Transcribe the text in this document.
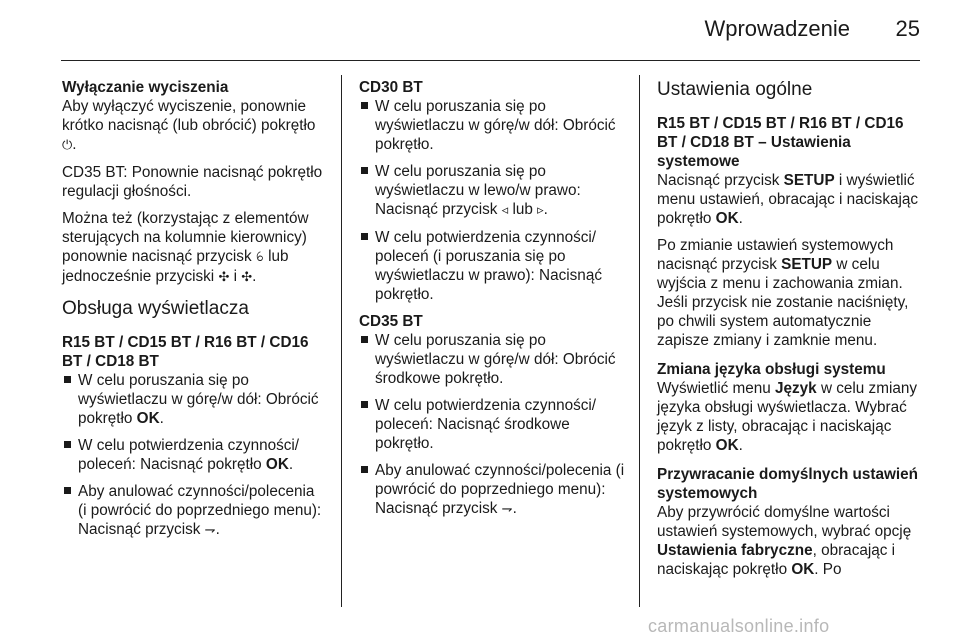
Wprowadzenie	25

Wyłączanie wyciszenia

Aby wyłączyć wyciszenie, ponownie krótko nacisnąć (lub obrócić) pokrętło ⏻.

CD35 BT: Ponownie nacisnąć pokrętło regulacji głośności.

Można też (korzystając z elementów sterujących na kolumnie kierownicy) ponownie nacisnąć przycisk ꕃ lub jednocześnie przyciski ✣ i ✣.

Obsługa wyświetlacza

R15 BT / CD15 BT / R16 BT / CD16 BT / CD18 BT

W celu poruszania się po wyświetlaczu w górę/w dół: Obrócić pokrętło OK.
W celu potwierdzenia czynności/ poleceń: Nacisnąć pokrętło OK.
Aby anulować czynności/polecenia (i powrócić do poprzedniego menu): Nacisnąć przycisk ⇁.

CD30 BT

W celu poruszania się po wyświetlaczu w górę/w dół: Obrócić pokrętło.
W celu poruszania się po wyświetlaczu w lewo/w prawo: Nacisnąć przycisk ◃ lub ▹.
W celu potwierdzenia czynności/ poleceń (i poruszania się po wyświetlaczu w prawo): Nacisnąć pokrętło.

CD35 BT

W celu poruszania się po wyświetlaczu w górę/w dół: Obrócić środkowe pokrętło.
W celu potwierdzenia czynności/ poleceń: Nacisnąć środkowe pokrętło.
Aby anulować czynności/polecenia (i powrócić do poprzedniego menu): Nacisnąć przycisk ⇁.

Ustawienia ogólne

R15 BT / CD15 BT / R16 BT / CD16 BT / CD18 BT – Ustawienia systemowe

Nacisnąć przycisk SETUP i wyświetlić menu ustawień, obracając i naciskając pokrętło OK.

Po zmianie ustawień systemowych nacisnąć przycisk SETUP w celu wyjścia z menu i zachowania zmian. Jeśli przycisk nie zostanie naciśnięty, po chwili system automatycznie zapisze zmiany i zamknie menu.

Zmiana języka obsługi systemu

Wyświetlić menu Język w celu zmiany języka obsługi wyświetlacza. Wybrać język z listy, obracając i naciskając pokrętło OK.

Przywracanie domyślnych ustawień systemowych

Aby przywrócić domyślne wartości ustawień systemowych, wybrać opcję Ustawienia fabryczne, obracając i naciskając pokrętło OK. Po

carmanualsonline.info
